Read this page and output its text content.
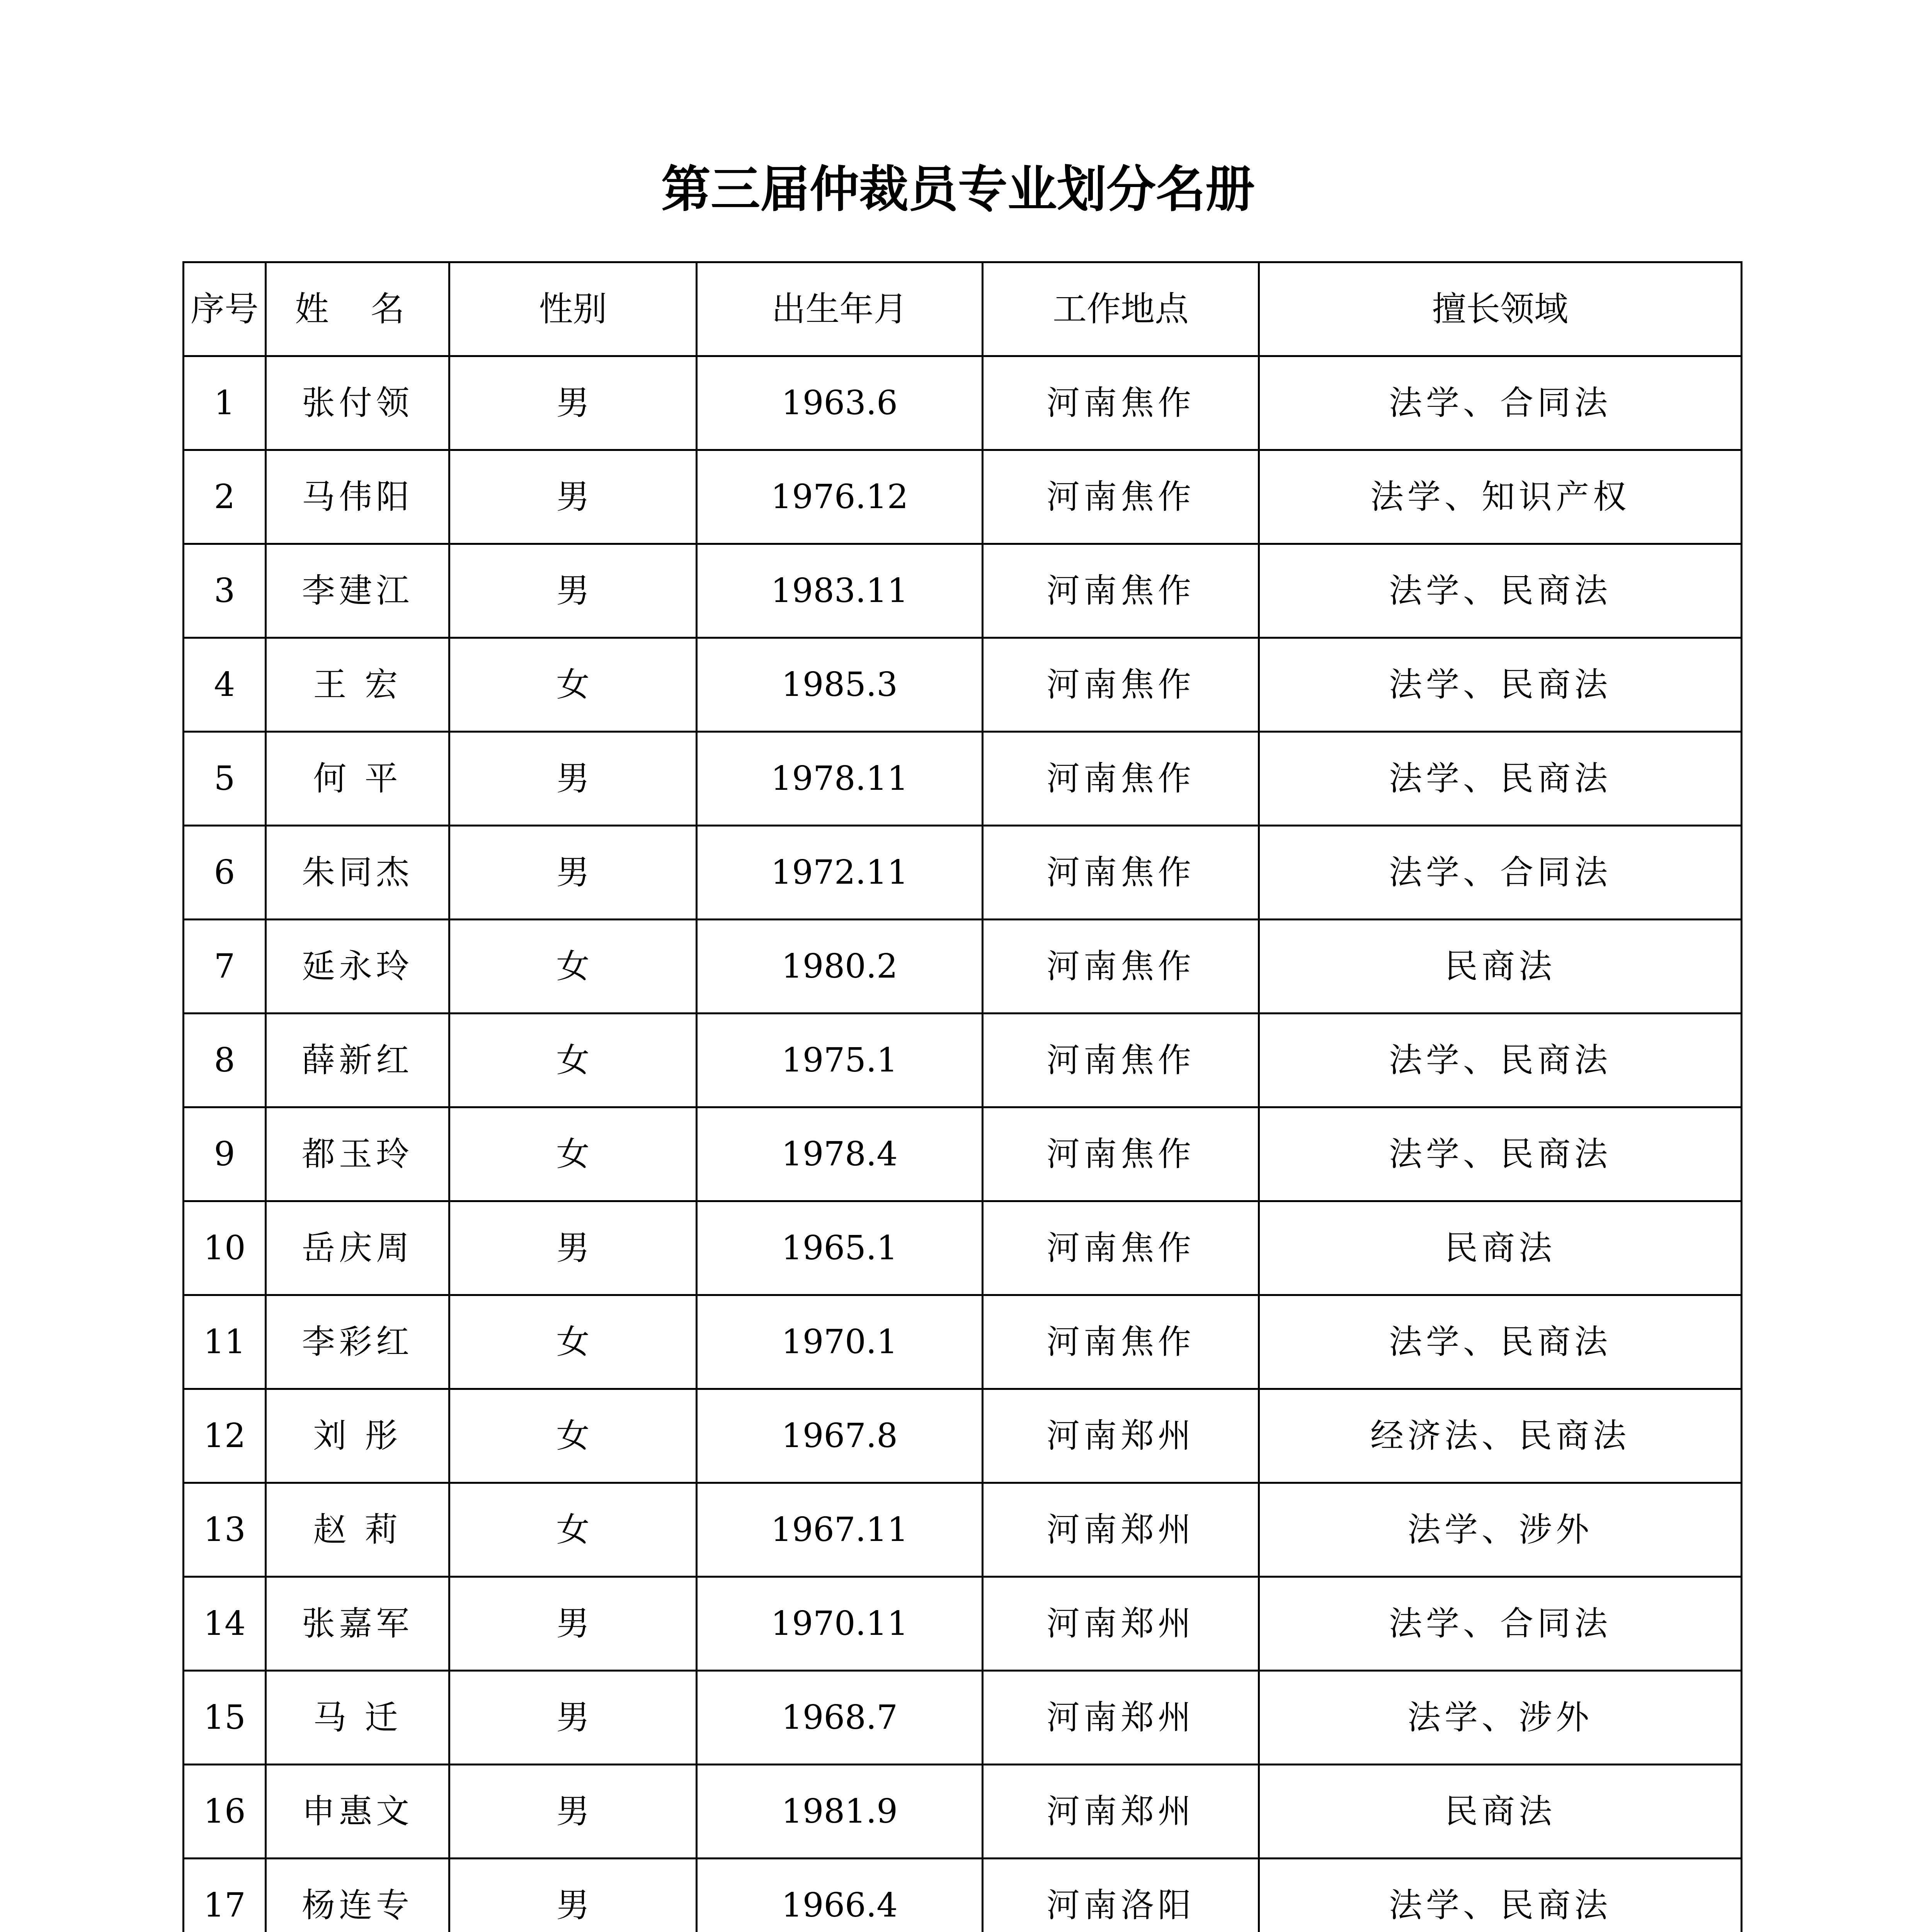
第三届仲裁员专业划分名册
序号	姓 名	性别	出生年月	工作地点	擅长领域
1	张付领	男	1963.6	河南焦作	法学、合同法
2	马伟阳	男	1976.12	河南焦作	法学、知识产权
3	李建江	男	1983.11	河南焦作	法学、民商法
4	王 宏	女	1985.3	河南焦作	法学、民商法
5	何 平	男	1978.11	河南焦作	法学、民商法
6	朱同杰	男	1972.11	河南焦作	法学、合同法
7	延永玲	女	1980.2	河南焦作	民商法
8	薛新红	女	1975.1	河南焦作	法学、民商法
9	都玉玲	女	1978.4	河南焦作	法学、民商法
10	岳庆周	男	1965.1	河南焦作	民商法
11	李彩红	女	1970.1	河南焦作	法学、民商法
12	刘 彤	女	1967.8	河南郑州	经济法、民商法
13	赵 莉	女	1967.11	河南郑州	法学、涉外
14	张嘉军	男	1970.11	河南郑州	法学、合同法
15	马 迁	男	1968.7	河南郑州	法学、涉外
16	申惠文	男	1981.9	河南郑州	民商法
17	杨连专	男	1966.4	河南洛阳	法学、民商法
